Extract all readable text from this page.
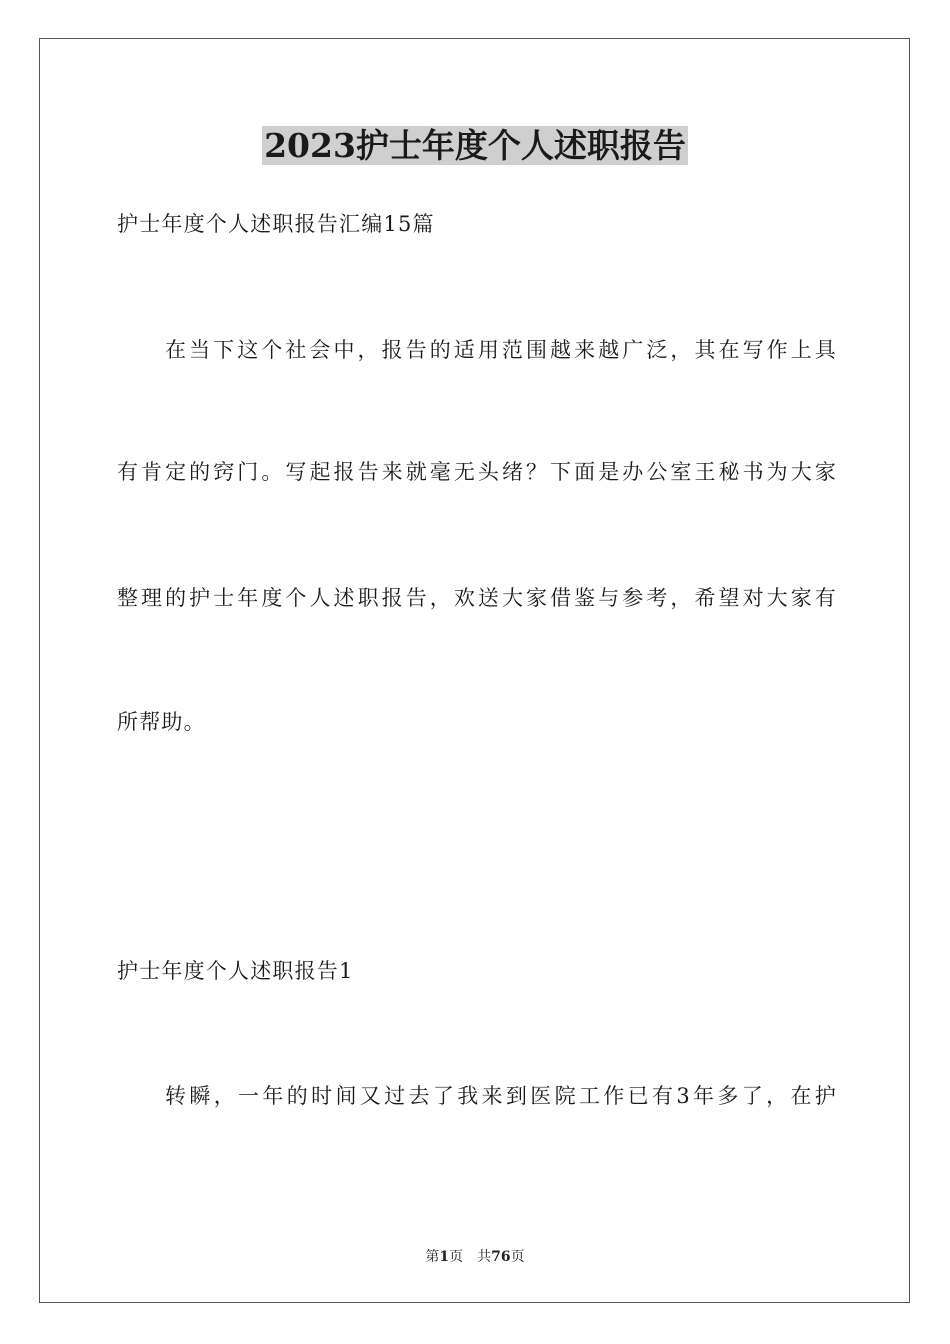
2023护士年度个人述职报告
护士年度个人述职报告汇编15篇
在当下这个社会中，报告的适用范围越来越广泛，其在写作上具
有肯定的窍门。写起报告来就毫无头绪？下面是办公室王秘书为大家
整理的护士年度个人述职报告，欢送大家借鉴与参考，希望对大家有
所帮助。
护士年度个人述职报告1
转瞬，一年的时间又过去了我来到医院工作已有3年多了，在护
第1页 共76页
